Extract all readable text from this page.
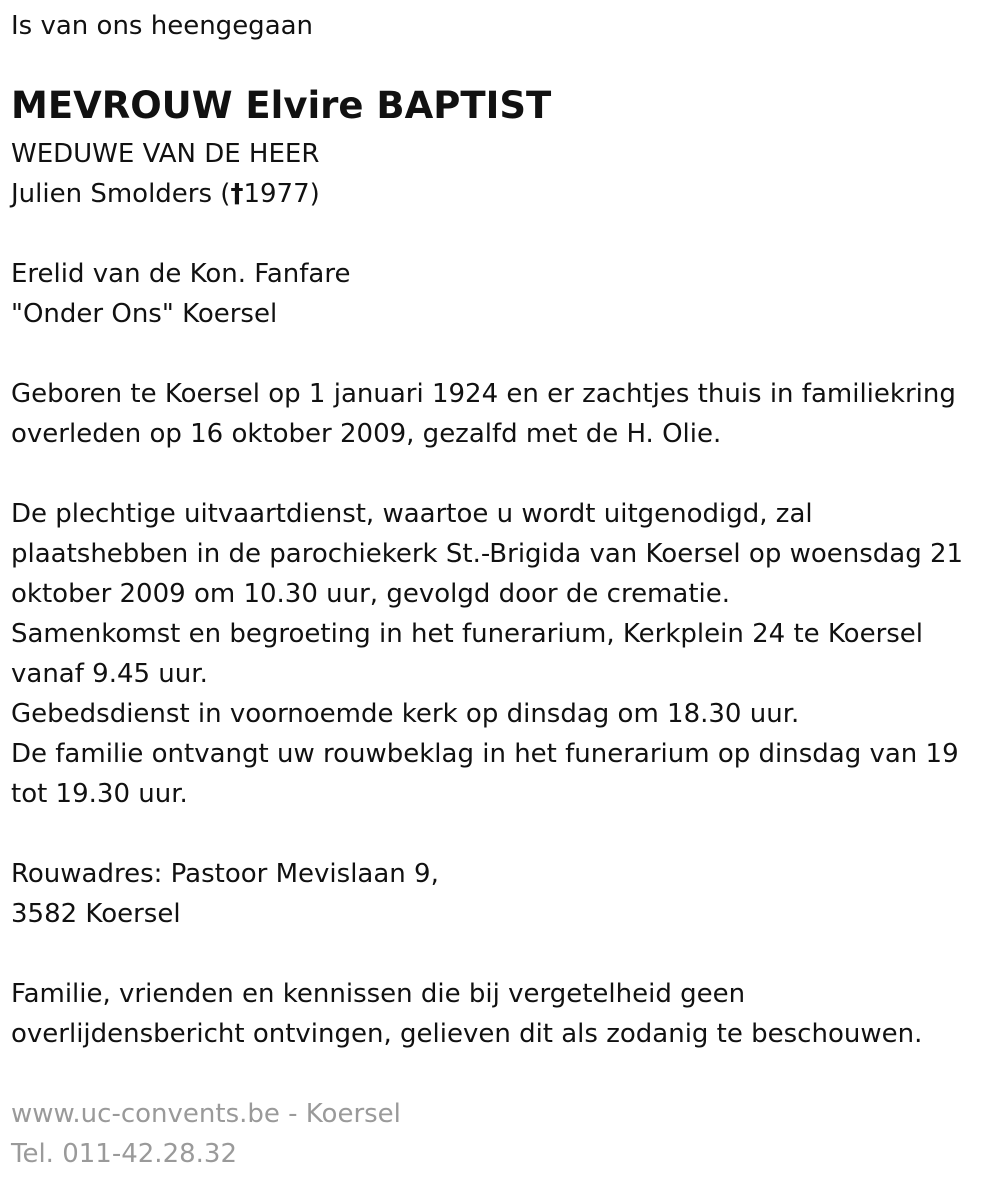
Is van ons heengegaan

MEVROUW Elvire BAPTIST

WEDUWE VAN DE HEER

Julien Smolders (†1977)

Erelid van de Kon. Fanfare

"Onder Ons" Koersel

Geboren te Koersel op 1 januari 1924 en er zachtjes thuis in familiekring

overleden op 16 oktober 2009, gezalfd met de H. Olie.

De plechtige uitvaartdienst, waartoe u wordt uitgenodigd, zal

plaatshebben in de parochiekerk St.-Brigida van Koersel op woensdag 21

oktober 2009 om 10.30 uur, gevolgd door de crematie.

Samenkomst en begroeting in het funerarium, Kerkplein 24 te Koersel

vanaf 9.45 uur.

Gebedsdienst in voornoemde kerk op dinsdag om 18.30 uur.

De familie ontvangt uw rouwbeklag in het funerarium op dinsdag van 19

tot 19.30 uur.

Rouwadres: Pastoor Mevislaan 9,

3582 Koersel

Familie, vrienden en kennissen die bij vergetelheid geen

overlijdensbericht ontvingen, gelieven dit als zodanig te beschouwen.

www.uc-convents.be - Koersel

Tel. 011-42.28.32
